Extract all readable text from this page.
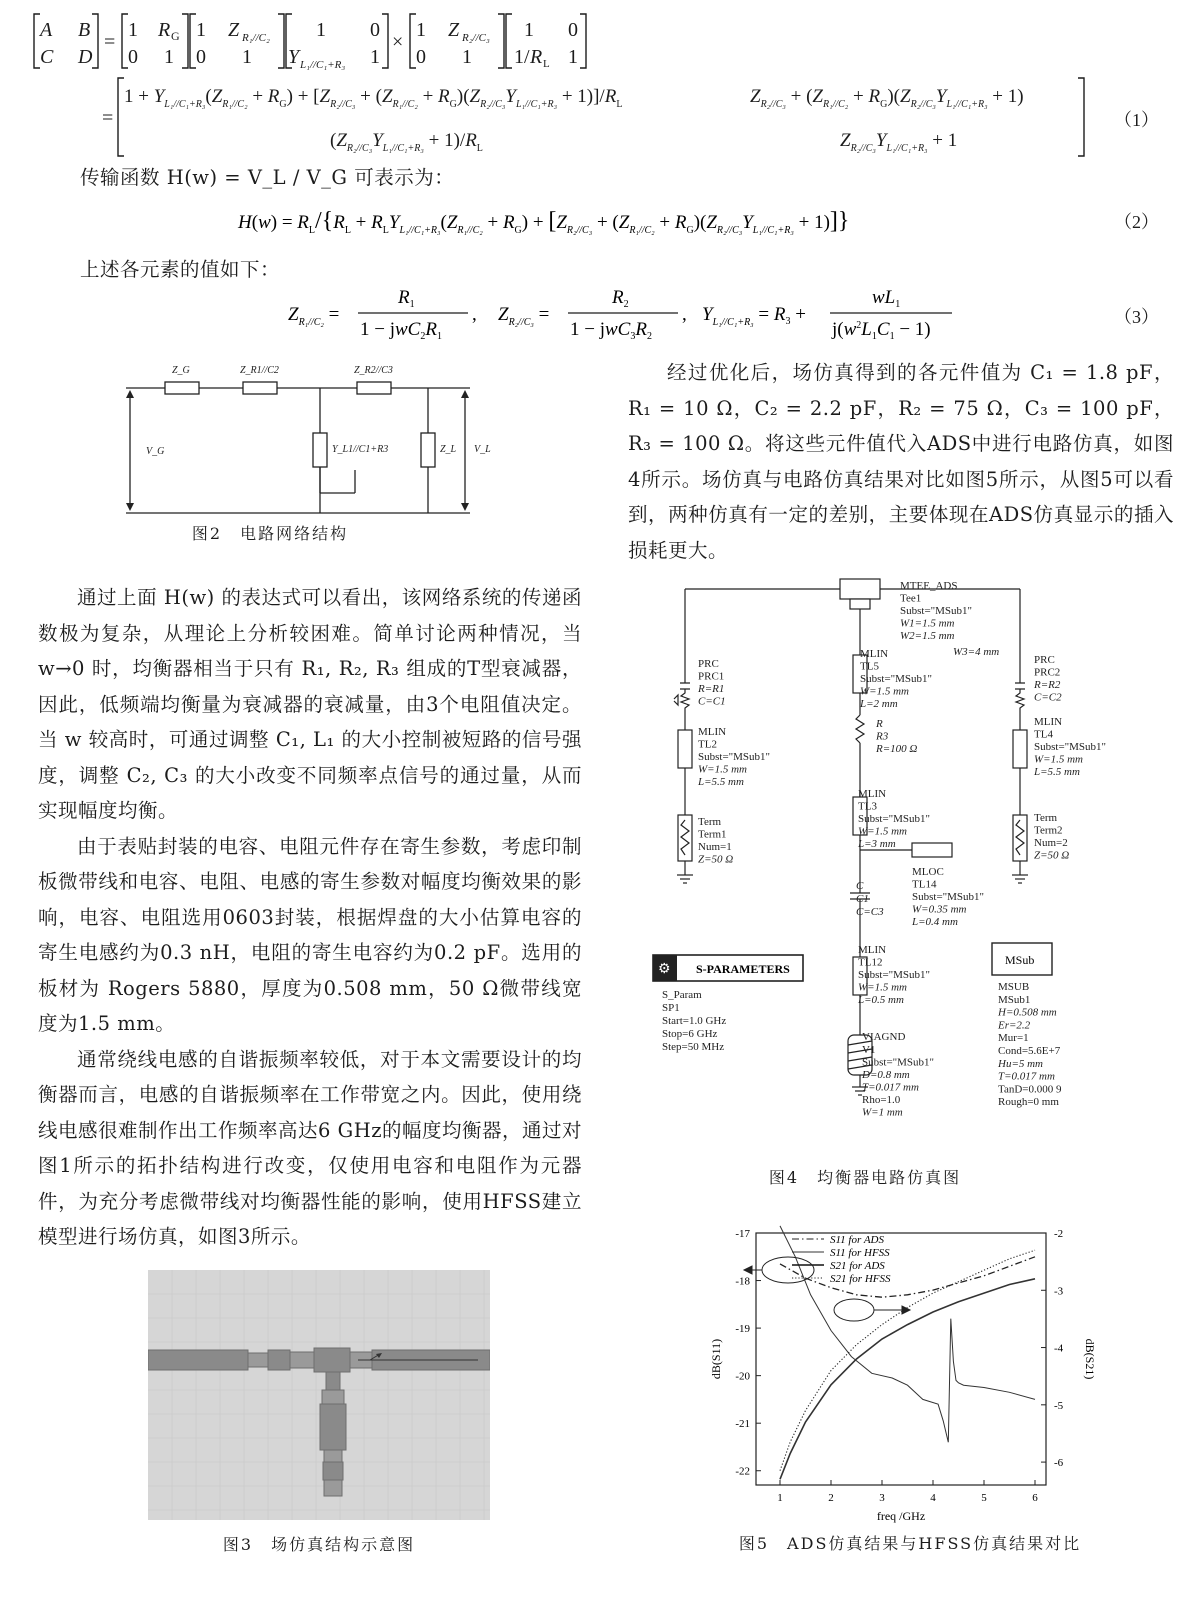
A B
C D
=
1 R G
0 1
1 Z R₁//C₂
0 1
1 0
Y L₁//C₁+R₃ 1
×
1 Z R₂//C₃
0 1
1 0
1/ R L 1
=
$1 + Y_{L_1//C_1+R_3}(Z_{R_1//C_2} + R_G) + [Z_{R_2//C_3} + (Z_{R_1//C_2} + R_G)(Z_{R_2//C_3}Y_{L_1//C_1+R_3} + 1)]/R_L$	$Z_{R_2//C_3} + (Z_{R_1//C_2} + R_G)(Z_{R_2//C_3}Y_{L_1//C_1+R_3} + 1)$
$(Z_{R_2//C_3}Y_{L_1//C_1+R_3} + 1)/R_L$	$Z_{R_2//C_3}Y_{L_1//C_1+R_3} + 1$
（1）
传输函数 H(w) = V_L / V_G 可表示为：
$H(w) = R_L/\{R_L + R_LY_{L_1//C_1+R_3}(Z_{R_1//C_2} + R_G) + [Z_{R_2//C_3} + (Z_{R_1//C_2} + R_G)(Z_{R_2//C_3}Y_{L_1//C_1+R_3} + 1)]\}$	（2）
上述各元素的值如下：
$Z_{R_1//C_2}$ =
$R_1$
$1 - jwC_2R_1$
, $Z_{R_2//C_3}$ =
$R_2$
$1 - jwC_3R_2$
, $Y_{L_1//C_1+R_3} = R_3$ +
$wL_1$
$j(w^2L_1C_1 - 1)$
（3）
Z_G	Z_R1//C2	Z_R2//C3
Y_L1//C1+R3	Z_L
V_G	V_L
图2　电路网络结构

经过优化后，场仿真得到的各元件值为 C₁ = 1.8 pF，R₁ = 10 Ω，C₂ = 2.2 pF，R₂ = 75 Ω，C₃ = 100 pF，R₃ = 100 Ω。将这些元件值代入ADS中进行电路仿真，如图4所示。场仿真与电路仿真结果对比如图5所示，从图5可以看到，两种仿真有一定的差别，主要体现在ADS仿真显示的插入损耗更大。

通过上面 H(w) 的表达式可以看出，该网络系统的传递函数极为复杂，从理论上分析较困难。简单讨论两种情况，当 w→0 时，均衡器相当于只有 R₁, R₂, R₃ 组成的T型衰减器，因此，低频端均衡量为衰减器的衰减量，由3个电阻值决定。当 w 较高时，可通过调整 C₁, L₁ 的大小控制被短路的信号强度，调整 C₂, C₃ 的大小改变不同频率点信号的通过量，从而实现幅度均衡。

由于表贴封装的电容、电阻元件存在寄生参数，考虑印制板微带线和电容、电阻、电感的寄生参数对幅度均衡效果的影响，电容、电阻选用0603封装，根据焊盘的大小估算电容的寄生电感约为0.3 nH，电阻的寄生电容约为0.2 pF。选用的板材为 Rogers 5880，厚度为0.508 mm，50 Ω微带线宽度为1.5 mm。

通常绕线电感的自谐振频率较低，对于本文需要设计的均衡器而言，电感的自谐振频率在工作带宽之内。因此，使用绕线电感很难制作出工作频率高达6 GHz的幅度均衡器，通过对图1所示的拓扑结构进行改变，仅使用电容和电阻作为元器件，为充分考虑微带线对均衡器性能的影响，使用HFSS建立模型进行场仿真，如图3所示。

图3　场仿真结构示意图
⚙ S-PARAMETERS
MSub
MTEE_ADS Tee1 Subst="MSub1" W1=1.5 mm W2=1.5 mm
W3=4 mm
PRC PRC1 R=R1 C=C1
MLIN TL2 Subst="MSub1" W=1.5 mm L=5.5 mm
Term Term1 Num=1 Z=50 Ω
MLIN TL5 Subst="MSub1" W=1.5 mm L=2 mm
R R3 R=100 Ω
MLIN TL3 Subst="MSub1" W=1.5 mm L=3 mm
MLOC TL14 Subst="MSub1" W=0.35 mm L=0.4 mm
C C1 C=C3
MLIN TL12 Subst="MSub1" W=1.5 mm L=0.5 mm
VIAGND
V1 Subst="MSub1" D=0.8 mm T=0.017 mm Rho=1.0 W=1 mm
PRC PRC2 R=R2 C=C2
MLIN TL4 Subst="MSub1" W=1.5 mm L=5.5 mm
Term Term2 Num=2 Z=50 Ω
S_Param SP1 Start=1.0 GHz Stop=6 GHz Step=50 MHz
MSUB MSub1 H=0.508 mm Er=2.2 Mur=1 Cond=5.6E+7 Hu=5 mm T=0.017 mm TanD=0.000 9 Rough=0 mm
图4　均衡器电路仿真图
1	2	3	4	5	6
-17
-18
-19
-20
-21
-22
-2
-3
-4
-5
-6
S11 for ADS
S11 for HFSS
S21 for ADS
S21 for HFSS
dB(S11)	dB(S21)
freq /GHz
图5　ADS仿真结果与HFSS仿真结果对比
